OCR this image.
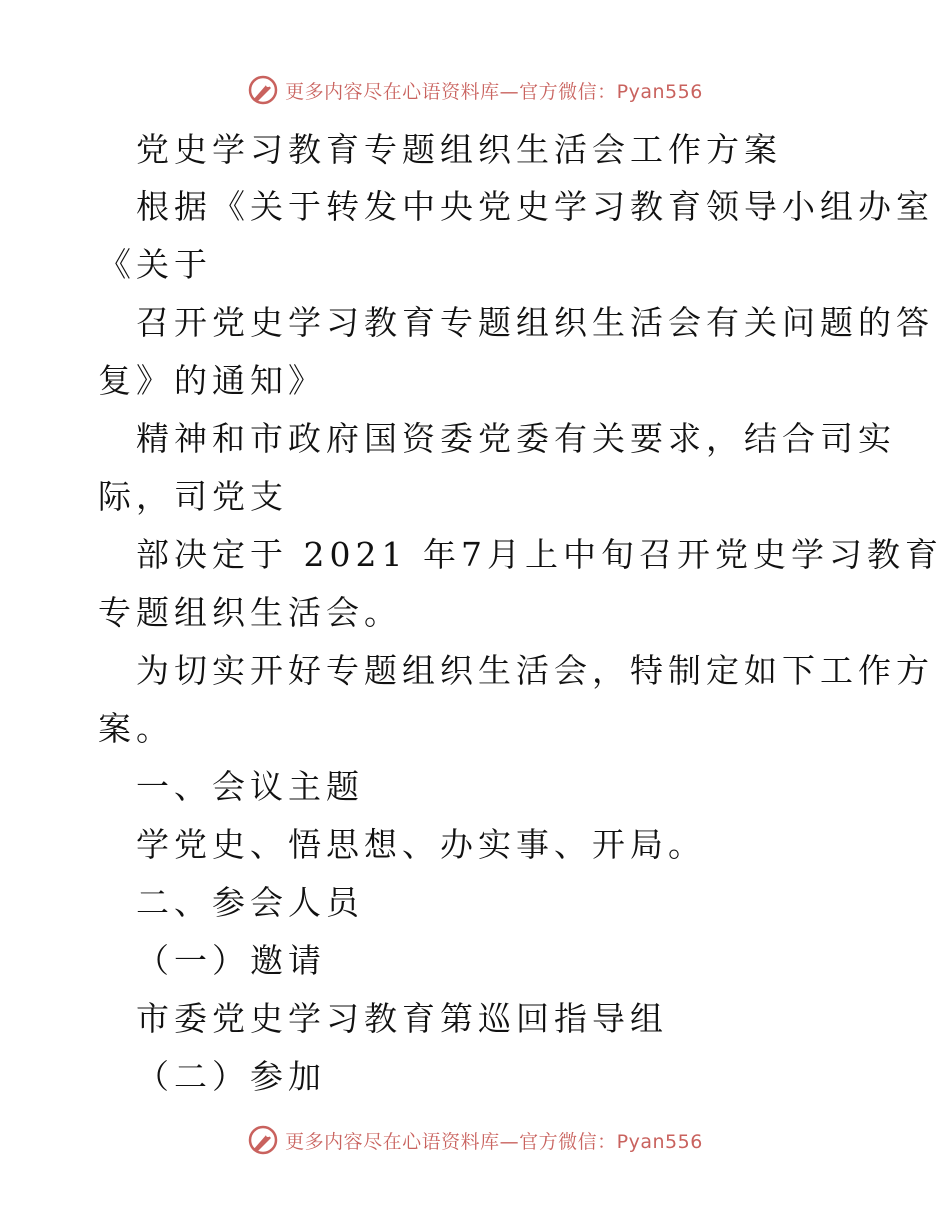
更多内容尽在心语资料库—官方微信：Pyan556
党史学习教育专题组织生活会工作方案
根据《关于转发中央党史学习教育领导小组办室
《关于
召开党史学习教育专题组织生活会有关问题的答
复》的通知》
精神和市政府国资委党委有关要求，结合司实
际，司党支
部决定于 2021 年7月上中旬召开党史学习教育
专题组织生活会。
为切实开好专题组织生活会，特制定如下工作方
案。
一、会议主题
学党史、悟思想、办实事、开局。
二、参会人员
（一）邀请
市委党史学习教育第巡回指导组
（二）参加
更多内容尽在心语资料库—官方微信：Pyan556
